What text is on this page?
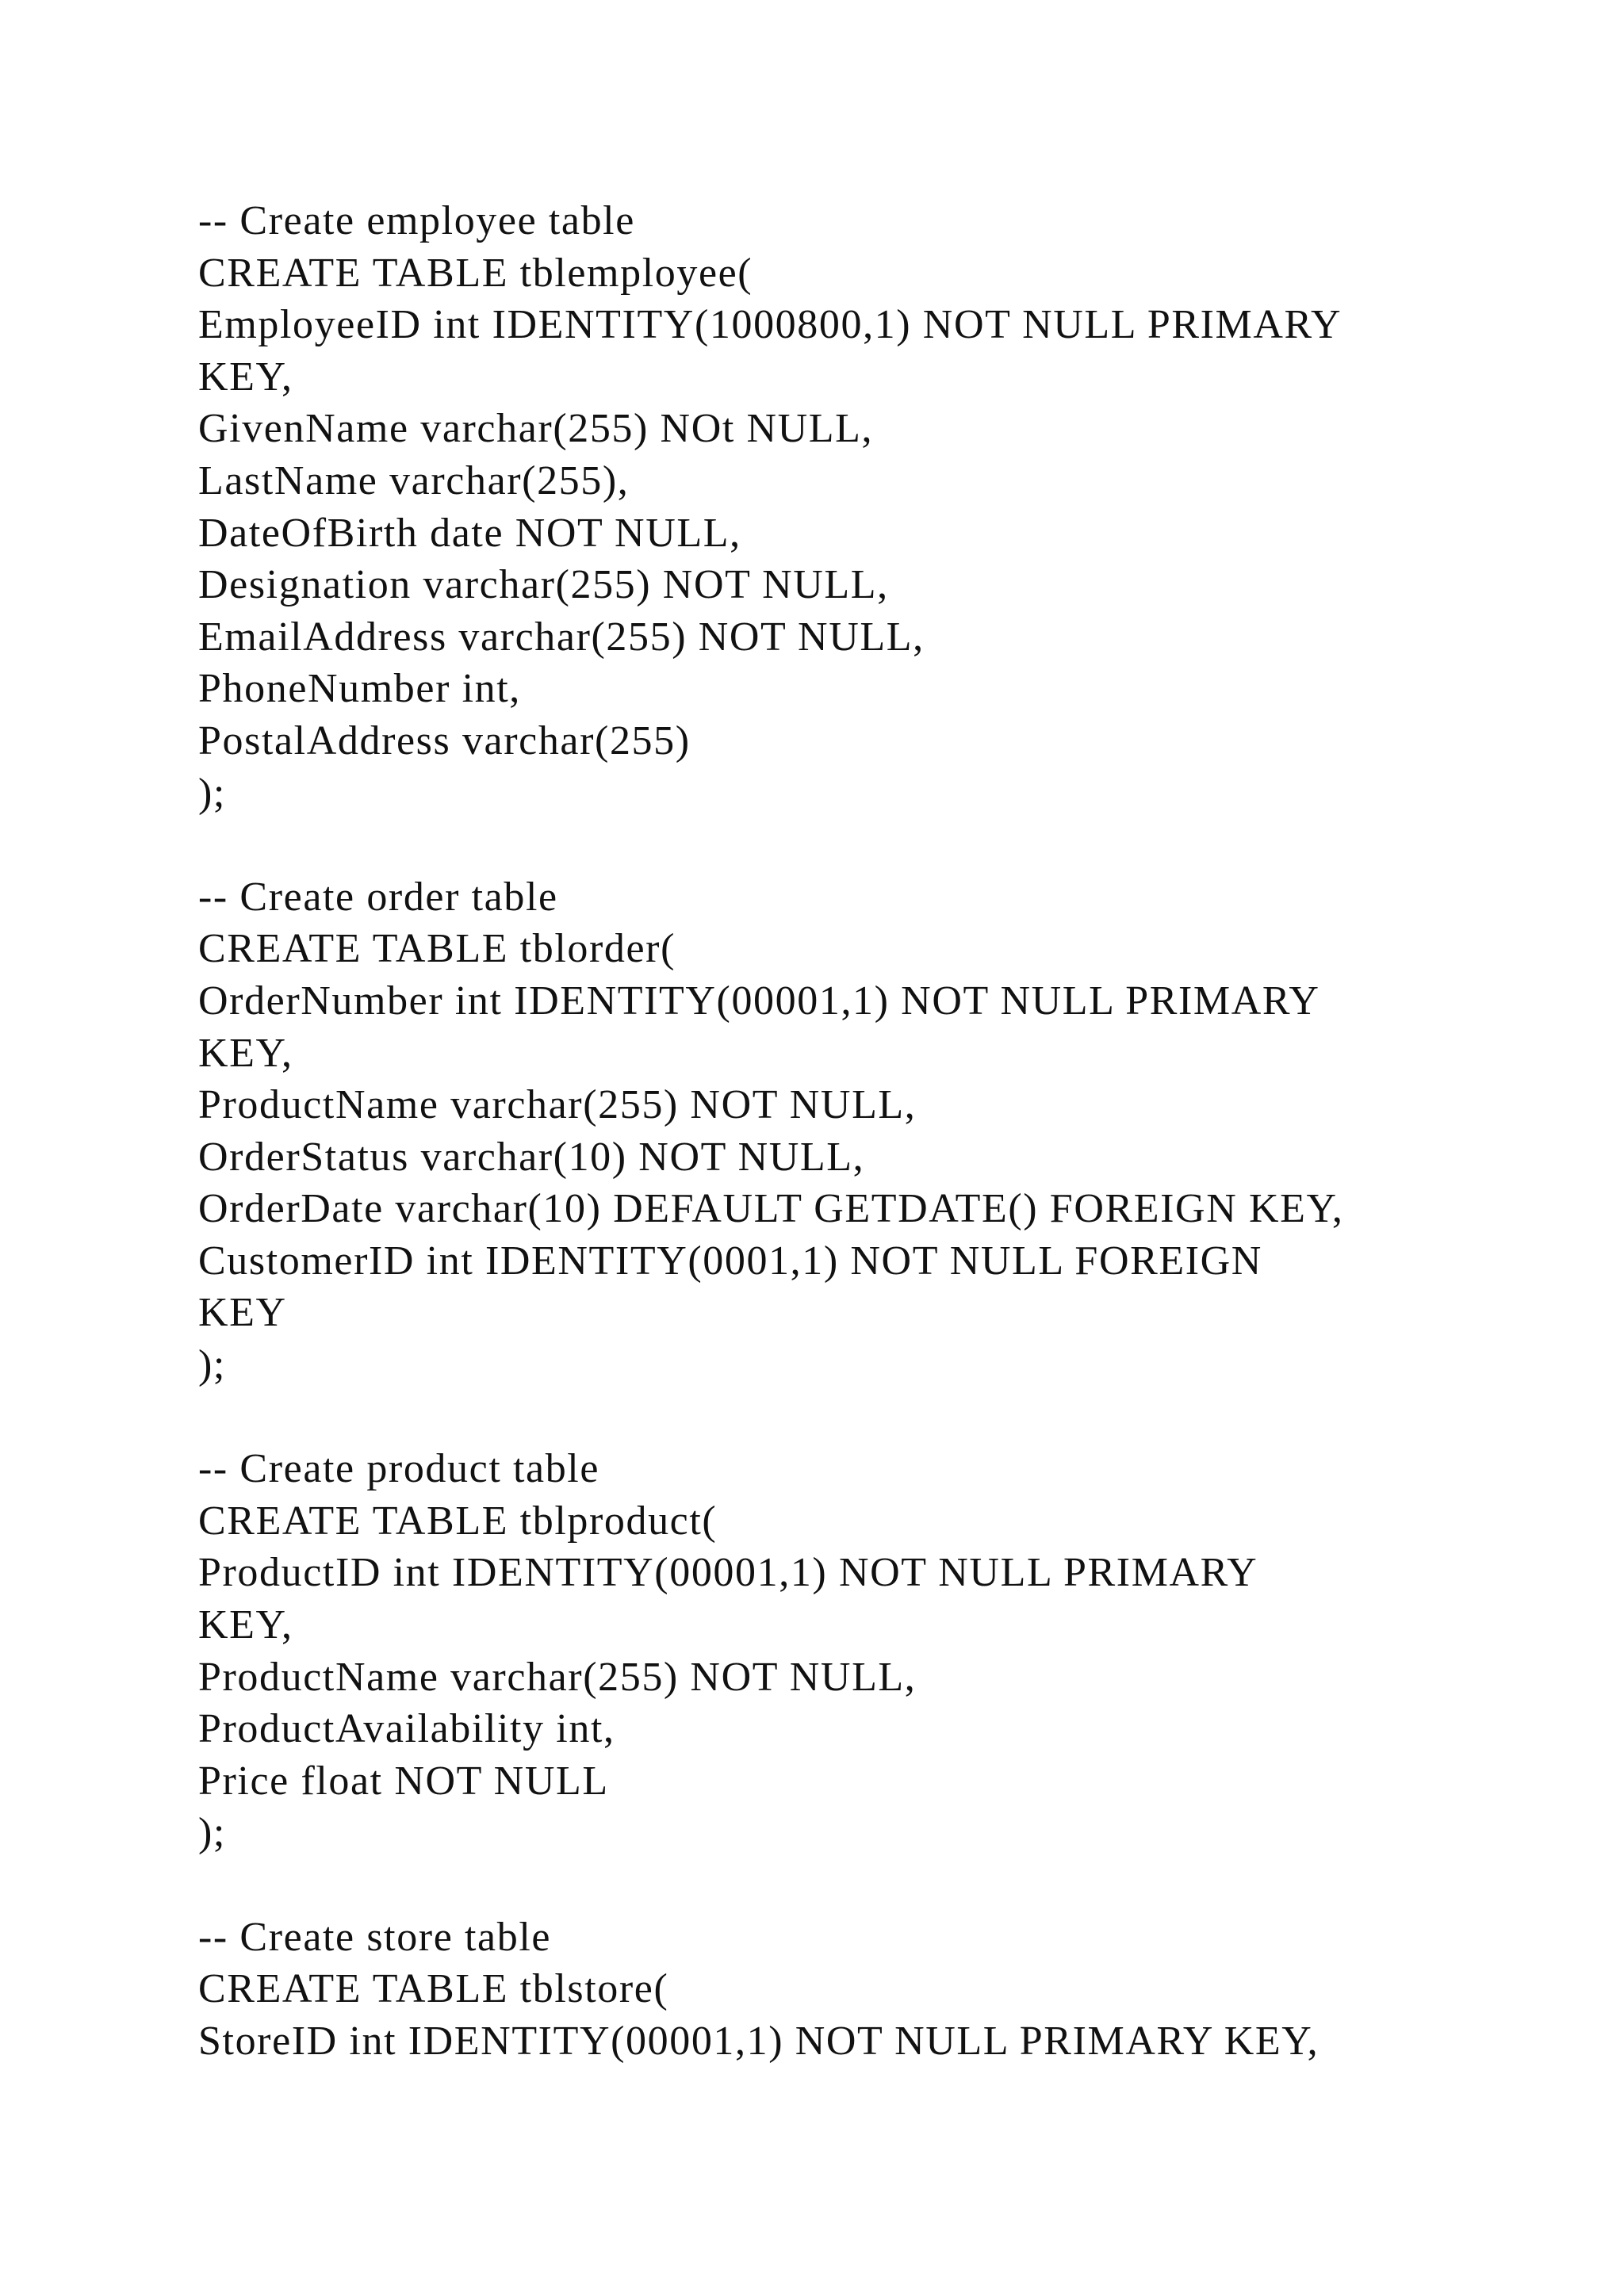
-- Create employee table
CREATE TABLE tblemployee(
EmployeeID int IDENTITY(1000800,1) NOT NULL PRIMARY
KEY,
GivenName varchar(255) NOt NULL,
LastName varchar(255),
DateOfBirth date NOT NULL,
Designation varchar(255) NOT NULL,
EmailAddress varchar(255) NOT NULL,
PhoneNumber int,
PostalAddress varchar(255)
);
-- Create order table
CREATE TABLE tblorder(
OrderNumber int IDENTITY(00001,1) NOT NULL PRIMARY
KEY,
ProductName varchar(255) NOT NULL,
OrderStatus varchar(10) NOT NULL,
OrderDate varchar(10) DEFAULT GETDATE() FOREIGN KEY,
CustomerID int IDENTITY(0001,1) NOT NULL FOREIGN
KEY
);
-- Create product table
CREATE TABLE tblproduct(
ProductID int IDENTITY(00001,1) NOT NULL PRIMARY
KEY,
ProductName varchar(255) NOT NULL,
ProductAvailability int,
Price float NOT NULL
);
-- Create store table
CREATE TABLE tblstore(
StoreID int IDENTITY(00001,1) NOT NULL PRIMARY KEY,
